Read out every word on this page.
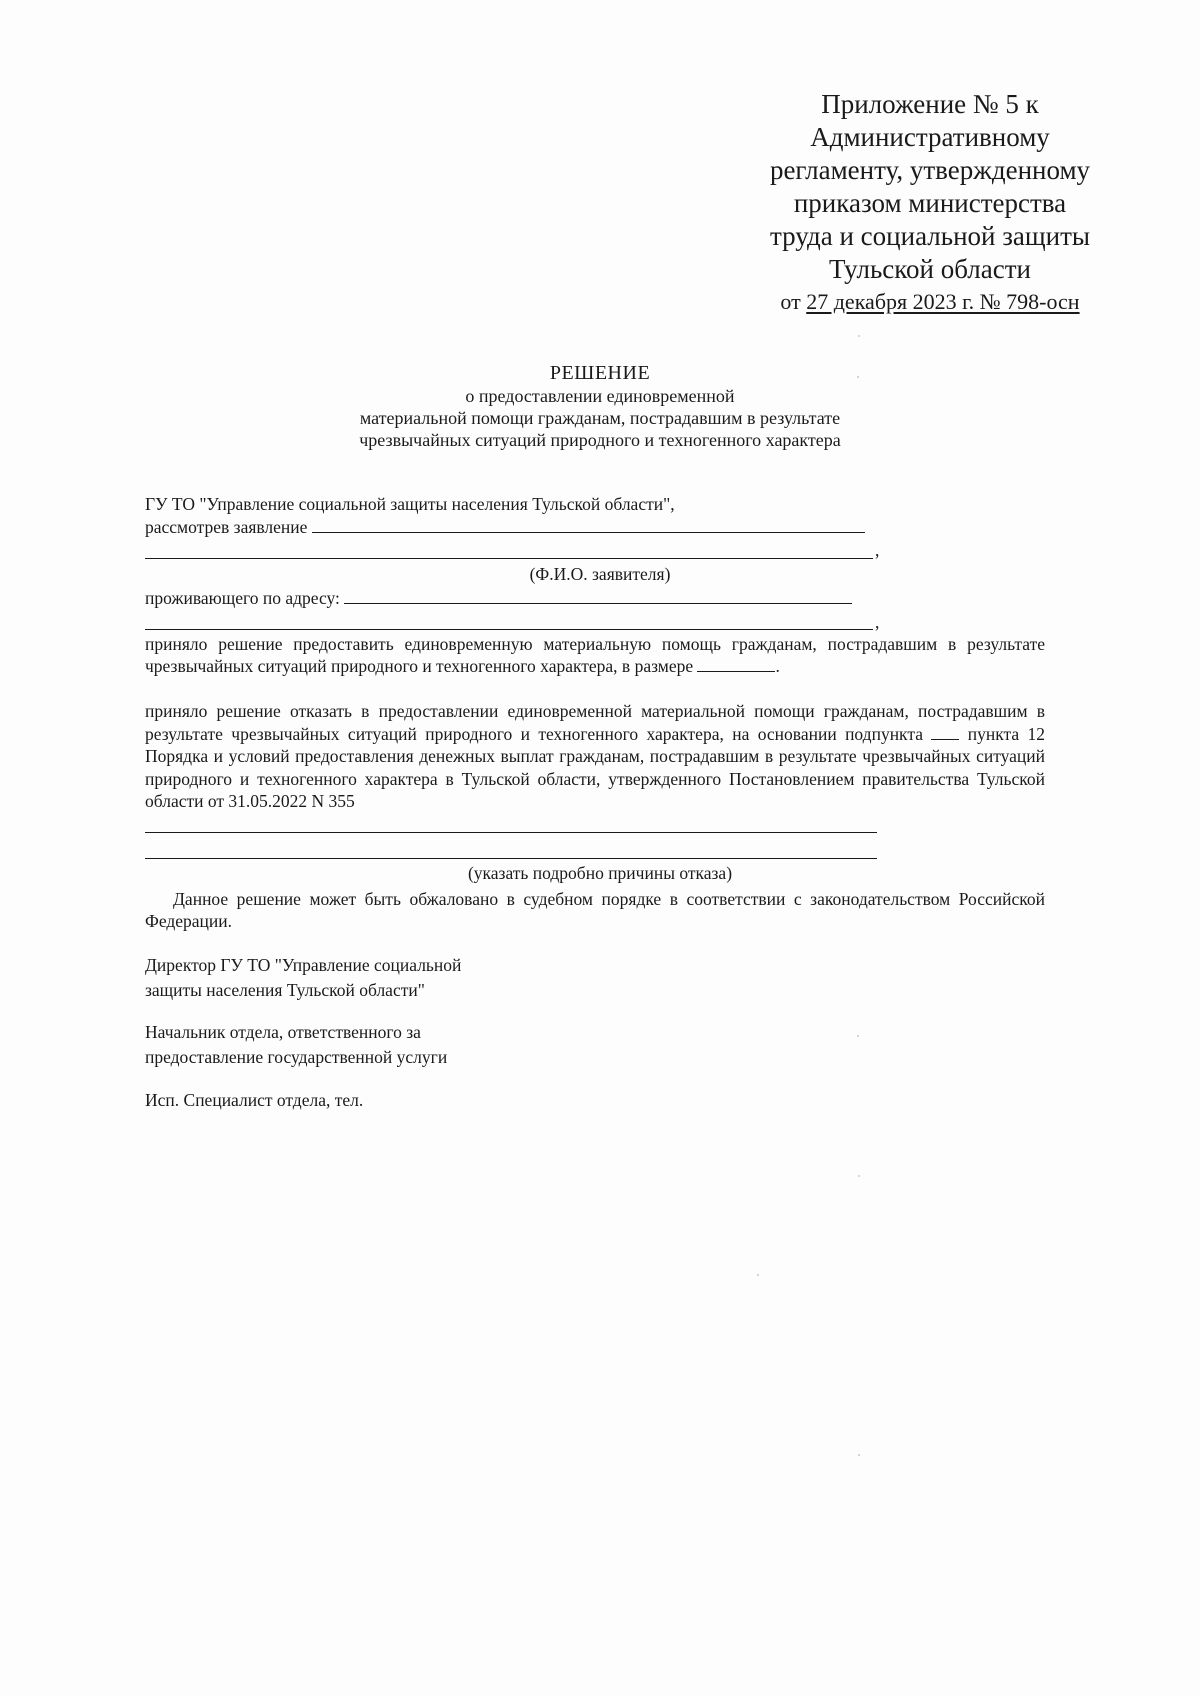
Приложение № 5 к
Административному
регламенту, утвержденному
приказом министерства
труда и социальной защиты
Тульской области
от 27 декабря 2023 г. № 798-осн
РЕШЕНИЕ
о предоставлении единовременной
материальной помощи гражданам, пострадавшим в результате
чрезвычайных ситуаций природного и техногенного характера
ГУ ТО "Управление социальной защиты населения Тульской области",
рассмотрев заявление
,
(Ф.И.О. заявителя)
проживающего по адресу:
,
приняло решение предоставить единовременную материальную помощь гражданам, пострадавшим в результате чрезвычайных ситуаций природного и техногенного характера, в размере	.
приняло решение отказать в предоставлении единовременной материальной помощи гражданам, пострадавшим в результате чрезвычайных ситуаций природного и техногенного характера, на основании подпункта	пункта 12 Порядка и условий предоставления денежных выплат гражданам, пострадавшим в результате чрезвычайных ситуаций природного и техногенного характера в Тульской области, утвержденного Постановлением правительства Тульской области от 31.05.2022 N 355
(указать подробно причины отказа)
Данное решение может быть обжаловано в судебном порядке в соответствии с законодательством Российской Федерации.
Директор ГУ ТО "Управление социальной
защиты населения Тульской области"
Начальник отдела, ответственного за
предоставление государственной услуги
Исп. Специалист отдела, тел.
